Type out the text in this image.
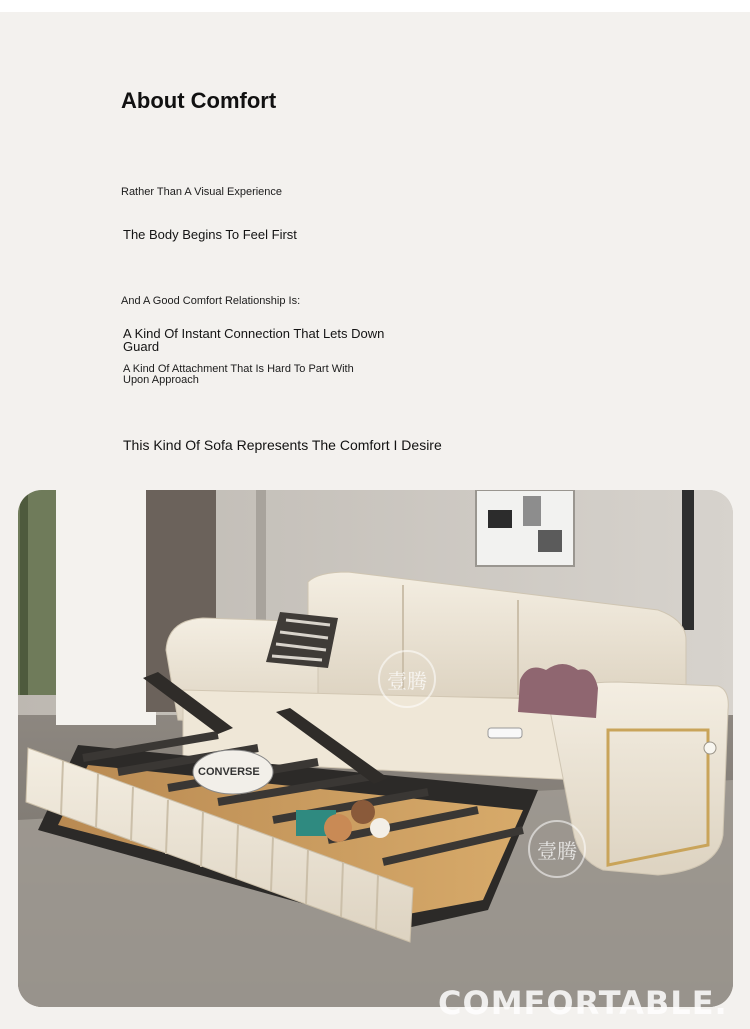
About Comfort
Rather Than A Visual Experience
The Body Begins To Feel First
And A Good Comfort Relationship Is:
A Kind Of Instant Connection That Lets Down Guard
A Kind Of Attachment That Is Hard To Part With Upon Approach
This Kind Of Sofa Represents The Comfort I Desire
CONVERSE
壹腾
壹腾
COMFORTABLE.
